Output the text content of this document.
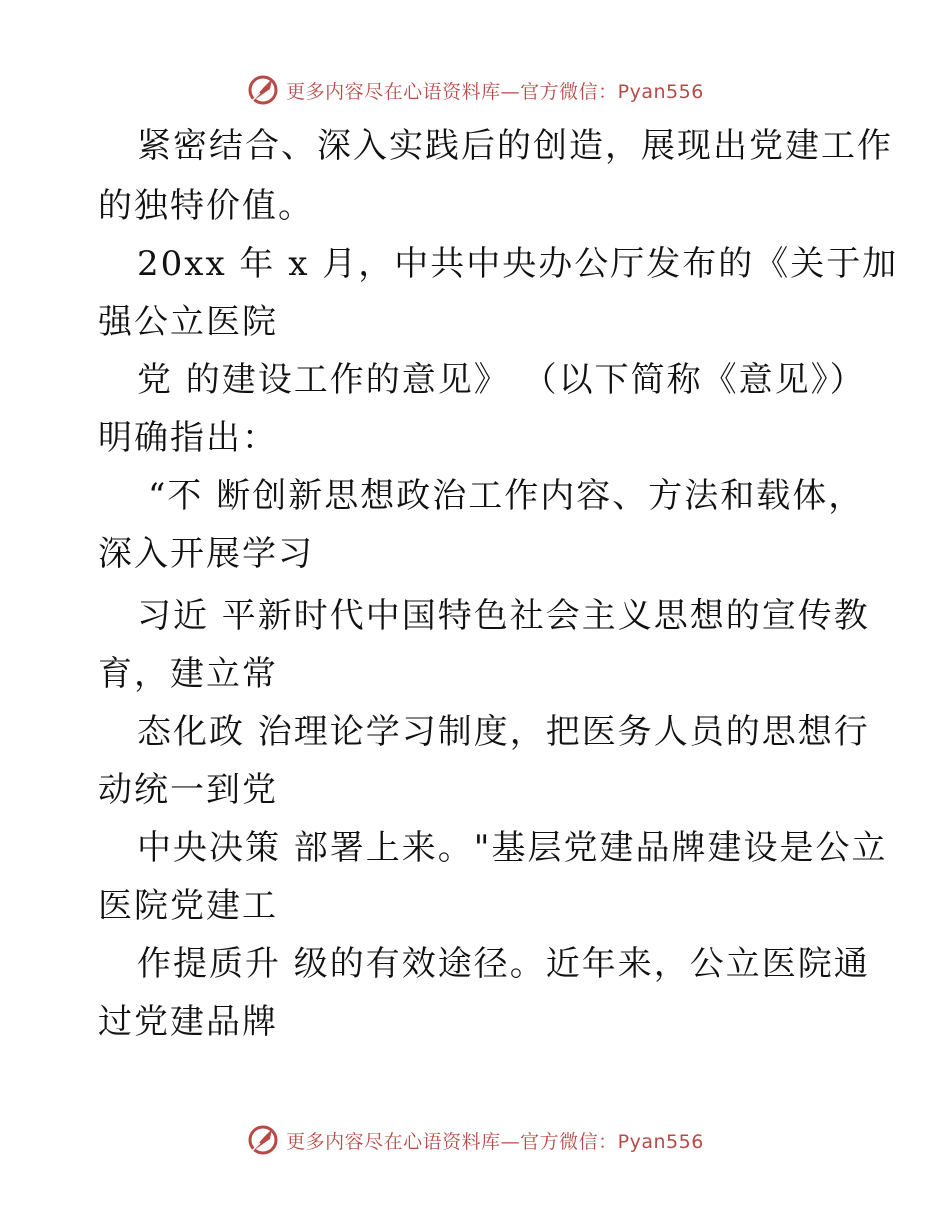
更多内容尽在心语资料库—官方微信：Pyan556
紧密结合、深入实践后的创造，展现出党建工作
的独特价值。
20xx 年 x 月，中共中央办公厅发布的《关于加
强公立医院
党 的建设工作的意见》 （以下简称《意见》）
明确指出：
“不 断创新思想政治工作内容、方法和载体，
深入开展学习
习近 平新时代中国特色社会主义思想的宣传教
育，建立常
态化政 治理论学习制度，把医务人员的思想行
动统一到党
中央决策 部署上来。"基层党建品牌建设是公立
医院党建工
作提质升 级的有效途径。近年来，公立医院通
过党建品牌
更多内容尽在心语资料库—官方微信：Pyan556
